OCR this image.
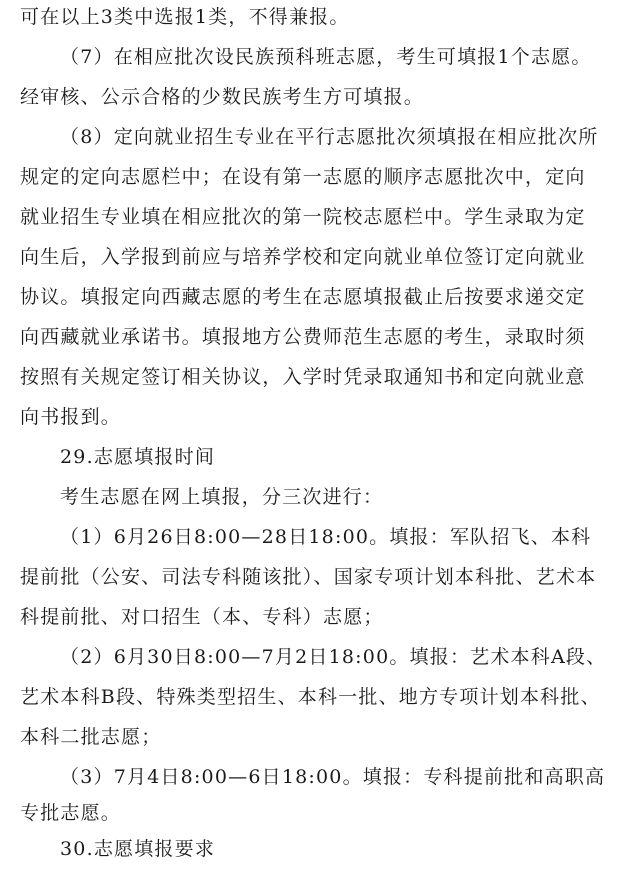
可在以上3类中选报1类，不得兼报。
（7）在相应批次设民族预科班志愿，考生可填报1个志愿。
经审核、公示合格的少数民族考生方可填报。
（8）定向就业招生专业在平行志愿批次须填报在相应批次所
规定的定向志愿栏中；在设有第一志愿的顺序志愿批次中，定向
就业招生专业填在相应批次的第一院校志愿栏中。学生录取为定
向生后，入学报到前应与培养学校和定向就业单位签订定向就业
协议。填报定向西藏志愿的考生在志愿填报截止后按要求递交定
向西藏就业承诺书。填报地方公费师范生志愿的考生，录取时须
按照有关规定签订相关协议，入学时凭录取通知书和定向就业意
向书报到。
29.志愿填报时间
考生志愿在网上填报，分三次进行：
（1）6月26日8:00—28日18:00。填报：军队招飞、本科
提前批（公安、司法专科随该批）、国家专项计划本科批、艺术本
科提前批、对口招生（本、专科）志愿；
（2）6月30日8:00—7月2日18:00。填报：艺术本科A段、
艺术本科B段、特殊类型招生、本科一批、地方专项计划本科批、
本科二批志愿；
（3）7月4日8:00—6日18:00。填报：专科提前批和高职高
专批志愿。
30.志愿填报要求
